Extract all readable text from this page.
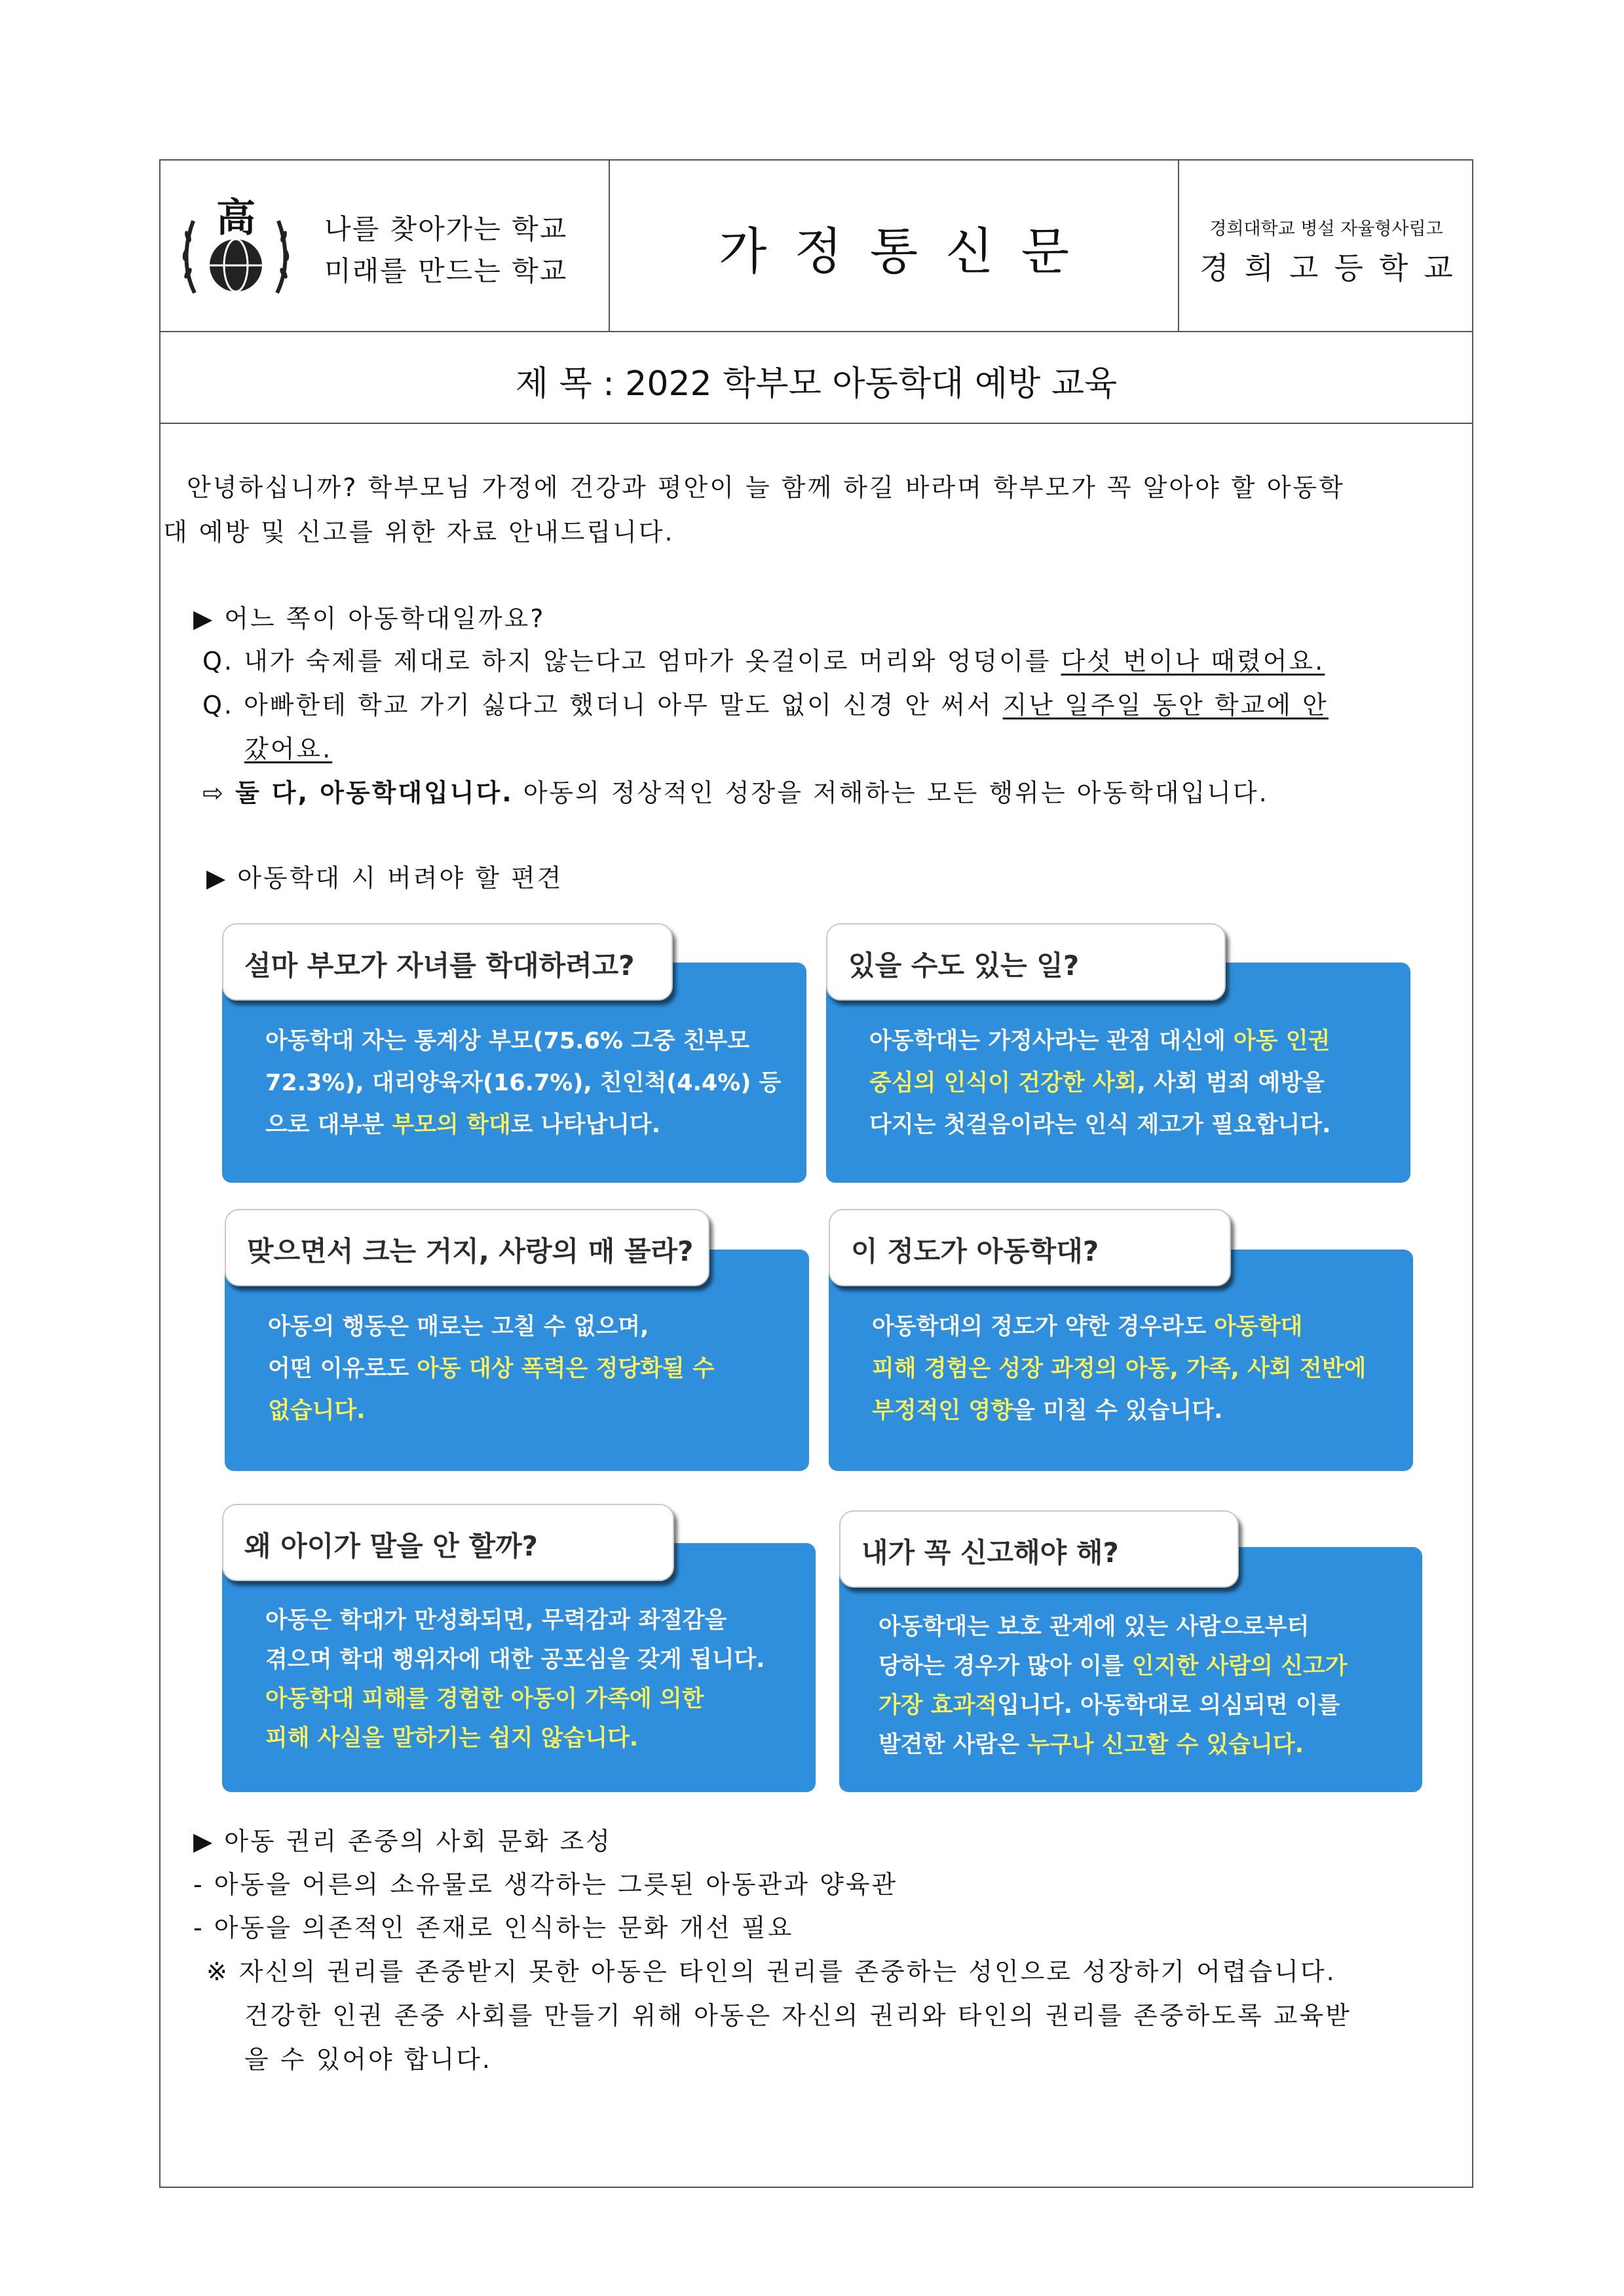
高	나를 찾아가는 학교
미래를 만드는 학교	가정통신문	경희대학교 병설 자율형사립고
경희고등학교
제 목 : 2022 학부모 아동학대 예방 교육
안녕하십니까? 학부모님 가정에 건강과 평안이 늘 함께 하길 바라며 학부모가 꼭 알아야 할 아동학
대 예방 및 신고를 위한 자료 안내드립니다.
▶ 어느 쪽이 아동학대일까요?
Q. 내가 숙제를 제대로 하지 않는다고 엄마가 옷걸이로 머리와 엉덩이를 다섯 번이나 때렸어요.
Q. 아빠한테 학교 가기 싫다고 했더니 아무 말도 없이 신경 안 써서 지난 일주일 동안 학교에 안
갔어요.
⇨ 둘 다, 아동학대입니다. 아동의 정상적인 성장을 저해하는 모든 행위는 아동학대입니다.
▶ 아동학대 시 버려야 할 편견
설마 부모가 자녀를 학대하려고?
아동학대 자는 통계상 부모(75.6% 그중 친부모
72.3%), 대리양육자(16.7%), 친인척(4.4%) 등
으로 대부분 부모의 학대로 나타납니다.
있을 수도 있는 일?
아동학대는 가정사라는 관점 대신에 아동 인권
중심의 인식이 건강한 사회, 사회 범죄 예방을
다지는 첫걸음이라는 인식 제고가 필요합니다.
맞으면서 크는 거지, 사랑의 매 몰라?
아동의 행동은 매로는 고칠 수 없으며,
어떤 이유로도 아동 대상 폭력은 정당화될 수
없습니다.
이 정도가 아동학대?
아동학대의 정도가 약한 경우라도 아동학대
피해 경험은 성장 과정의 아동, 가족, 사회 전반에
부정적인 영향을 미칠 수 있습니다.
왜 아이가 말을 안 할까?
아동은 학대가 만성화되면, 무력감과 좌절감을
겪으며 학대 행위자에 대한 공포심을 갖게 됩니다.
아동학대 피해를 경험한 아동이 가족에 의한
피해 사실을 말하기는 쉽지 않습니다.
내가 꼭 신고해야 해?
아동학대는 보호 관계에 있는 사람으로부터
당하는 경우가 많아 이를 인지한 사람의 신고가
가장 효과적입니다. 아동학대로 의심되면 이를
발견한 사람은 누구나 신고할 수 있습니다.
▶ 아동 권리 존중의 사회 문화 조성
- 아동을 어른의 소유물로 생각하는 그릇된 아동관과 양육관
- 아동을 의존적인 존재로 인식하는 문화 개선 필요
※ 자신의 권리를 존중받지 못한 아동은 타인의 권리를 존중하는 성인으로 성장하기 어렵습니다.
건강한 인권 존중 사회를 만들기 위해 아동은 자신의 권리와 타인의 권리를 존중하도록 교육받
을 수 있어야 합니다.
